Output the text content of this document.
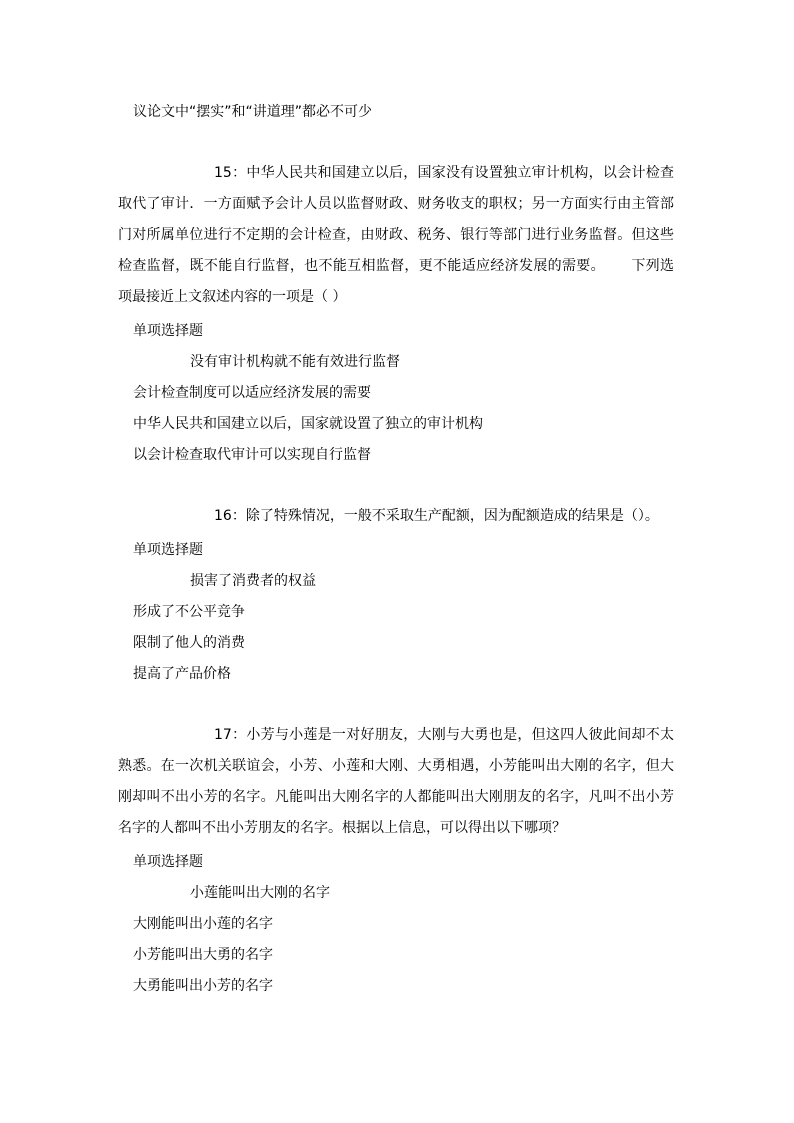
议论文中“摆实”和“讲道理”都必不可少
15：中华人民共和国建立以后，国家没有设置独立审计机构，以会计检查取代了审计．一方面赋予会计人员以监督财政、财务收支的职权；另一方面实行由主管部门对所属单位进行不定期的会计检查，由财政、税务、银行等部门进行业务监督。但这些检查监督，既不能自行监督，也不能互相监督，更不能适应经济发展的需要。　　 下列选项最接近上文叙述内容的一项是（ ）
单项选择题
没有审计机构就不能有效进行监督
会计检查制度可以适应经济发展的需要
中华人民共和国建立以后，国家就设置了独立的审计机构
以会计检查取代审计可以实现自行监督
16：除了特殊情况，一般不采取生产配额，因为配额造成的结果是（）。
单项选择题
损害了消费者的权益
形成了不公平竞争
限制了他人的消费
提高了产品价格
17：小芳与小莲是一对好朋友，大刚与大勇也是，但这四人彼此间却不太熟悉。在一次机关联谊会，小芳、小莲和大刚、大勇相遇，小芳能叫出大刚的名字，但大刚却叫不出小芳的名字。凡能叫出大刚名字的人都能叫出大刚朋友的名字，凡叫不出小芳名字的人都叫不出小芳朋友的名字。根据以上信息，可以得出以下哪项？
单项选择题
小莲能叫出大刚的名字
大刚能叫出小莲的名字
小芳能叫出大勇的名字
大勇能叫出小芳的名字
